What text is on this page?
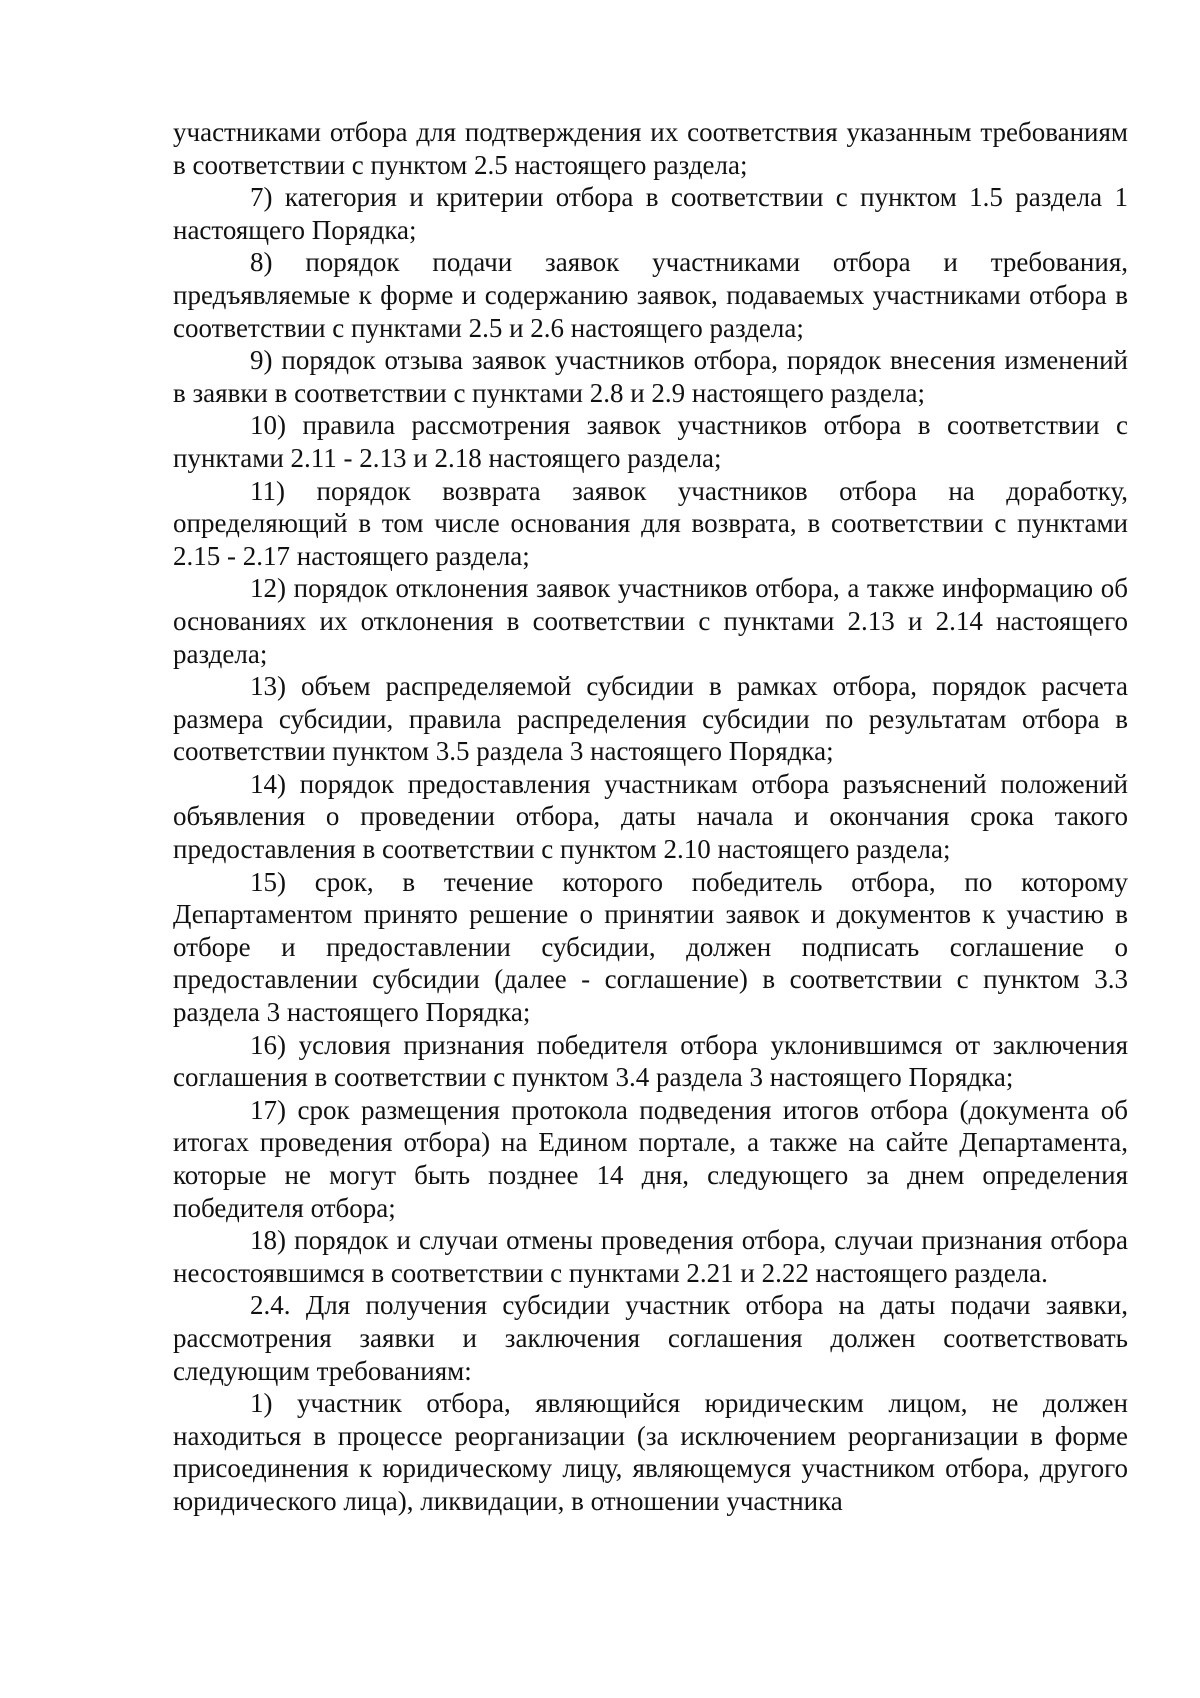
участниками отбора для подтверждения их соответствия указанным требованиям в соответствии с пунктом 2.5 настоящего раздела;

7) категория и критерии отбора в соответствии с пунктом 1.5 раздела 1 настоящего Порядка;

8) порядок подачи заявок участниками отбора и требования, предъявляемые к форме и содержанию заявок, подаваемых участниками отбора в соответствии с пунктами 2.5 и 2.6 настоящего раздела;

9) порядок отзыва заявок участников отбора, порядок внесения изменений в заявки в соответствии с пунктами 2.8 и 2.9 настоящего раздела;

10) правила рассмотрения заявок участников отбора в соответствии с пунктами 2.11 - 2.13 и 2.18 настоящего раздела;

11) порядок возврата заявок участников отбора на доработку, определяющий в том числе основания для возврата, в соответствии с пунктами 2.15 - 2.17 настоящего раздела;

12) порядок отклонения заявок участников отбора, а также информацию об основаниях их отклонения в соответствии с пунктами 2.13 и 2.14 настоящего раздела;

13) объем распределяемой субсидии в рамках отбора, порядок расчета размера субсидии, правила распределения субсидии по результатам отбора в соответствии пунктом 3.5 раздела 3 настоящего Порядка;

14) порядок предоставления участникам отбора разъяснений положений объявления о проведении отбора, даты начала и окончания срока такого предоставления в соответствии с пунктом 2.10 настоящего раздела;

15) срок, в течение которого победитель отбора, по которому Департаментом принято решение о принятии заявок и документов к участию в отборе и предоставлении субсидии, должен подписать соглашение о предоставлении субсидии (далее - соглашение) в соответствии с пунктом 3.3 раздела 3 настоящего Порядка;

16) условия признания победителя отбора уклонившимся от заключения соглашения в соответствии с пунктом 3.4 раздела 3 настоящего Порядка;

17) срок размещения протокола подведения итогов отбора (документа об итогах проведения отбора) на Едином портале, а также на сайте Департамента, которые не могут быть позднее 14 дня, следующего за днем определения победителя отбора;

18) порядок и случаи отмены проведения отбора, случаи признания отбора несостоявшимся в соответствии с пунктами 2.21 и 2.22 настоящего раздела.

2.4. Для получения субсидии участник отбора на даты подачи заявки, рассмотрения заявки и заключения соглашения должен соответствовать следующим требованиям:

1) участник отбора, являющийся юридическим лицом, не должен находиться в процессе реорганизации (за исключением реорганизации в форме присоединения к юридическому лицу, являющемуся участником отбора, другого юридического лица), ликвидации, в отношении участника
